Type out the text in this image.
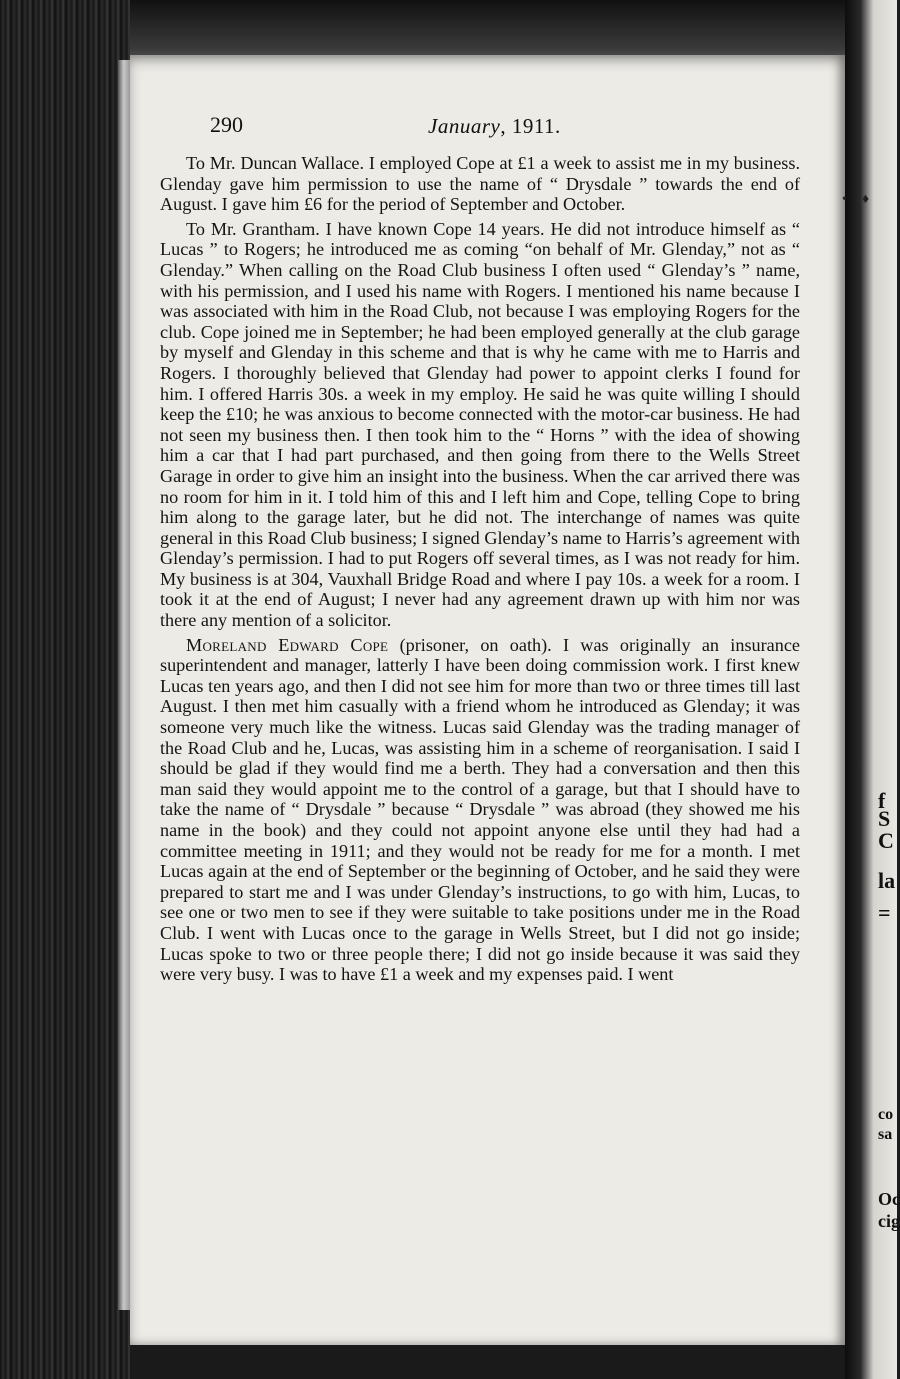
f
S
C
la
=
co
sa
Oc
cig
• ♦
290	January, 1911.

To Mr. Duncan Wallace. I employed Cope at £1 a week to assist me in my business. Glenday gave him permission to use the name of “ Drysdale ” towards the end of August. I gave him £6 for the period of September and October.

To Mr. Grantham. I have known Cope 14 years. He did not introduce himself as “ Lucas ” to Rogers; he introduced me as coming “on behalf of Mr. Glenday,” not as “ Glenday.” When calling on the Road Club business I often used “ Glenday’s ” name, with his permission, and I used his name with Rogers. I mentioned his name because I was associated with him in the Road Club, not because I was employing Rogers for the club. Cope joined me in September; he had been employed generally at the club garage by myself and Glenday in this scheme and that is why he came with me to Harris and Rogers. I thoroughly believed that Glenday had power to appoint clerks I found for him. I offered Harris 30s. a week in my employ. He said he was quite willing I should keep the £10; he was anxious to become connected with the motor-car business. He had not seen my business then. I then took him to the “ Horns ” with the idea of showing him a car that I had part purchased, and then going from there to the Wells Street Garage in order to give him an insight into the business. When the car arrived there was no room for him in it. I told him of this and I left him and Cope, telling Cope to bring him along to the garage later, but he did not. The interchange of names was quite general in this Road Club business; I signed Glenday’s name to Harris’s agreement with Glenday’s permission. I had to put Rogers off several times, as I was not ready for him. My business is at 304, Vauxhall Bridge Road and where I pay 10s. a week for a room. I took it at the end of August; I never had any agreement drawn up with him nor was there any mention of a solicitor.

Moreland Edward Cope (prisoner, on oath). I was originally an insurance superintendent and manager, latterly I have been doing commission work. I first knew Lucas ten years ago, and then I did not see him for more than two or three times till last August. I then met him casually with a friend whom he introduced as Glenday; it was someone very much like the witness. Lucas said Glenday was the trading manager of the Road Club and he, Lucas, was assisting him in a scheme of reorganisation. I said I should be glad if they would find me a berth. They had a conversation and then this man said they would appoint me to the control of a garage, but that I should have to take the name of “ Drysdale ” because “ Drysdale ” was abroad (they showed me his name in the book) and they could not appoint anyone else until they had had a committee meeting in 1911; and they would not be ready for me for a month. I met Lucas again at the end of September or the beginning of October, and he said they were prepared to start me and I was under Glenday’s instructions, to go with him, Lucas, to see one or two men to see if they were suitable to take positions under me in the Road Club. I went with Lucas once to the garage in Wells Street, but I did not go inside; Lucas spoke to two or three people there; I did not go inside because it was said they were very busy. I was to have £1 a week and my expenses paid. I went
